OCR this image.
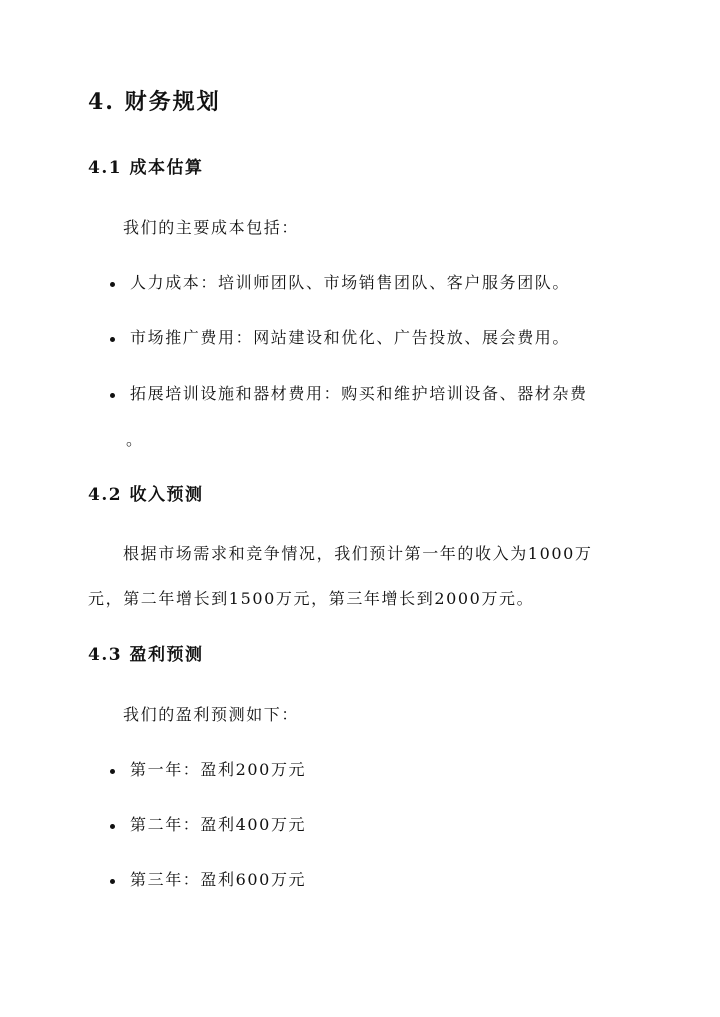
4. 财务规划
4.1 成本估算
我们的主要成本包括：
人力成本：培训师团队、市场销售团队、客户服务团队。
市场推广费用：网站建设和优化、广告投放、展会费用。
拓展培训设施和器材费用：购买和维护培训设备、器材杂费
。
4.2 收入预测
根据市场需求和竞争情况，我们预计第一年的收入为1000万
元，第二年增长到1500万元，第三年增长到2000万元。
4.3 盈利预测
我们的盈利预测如下：
第一年：盈利200万元
第二年：盈利400万元
第三年：盈利600万元
